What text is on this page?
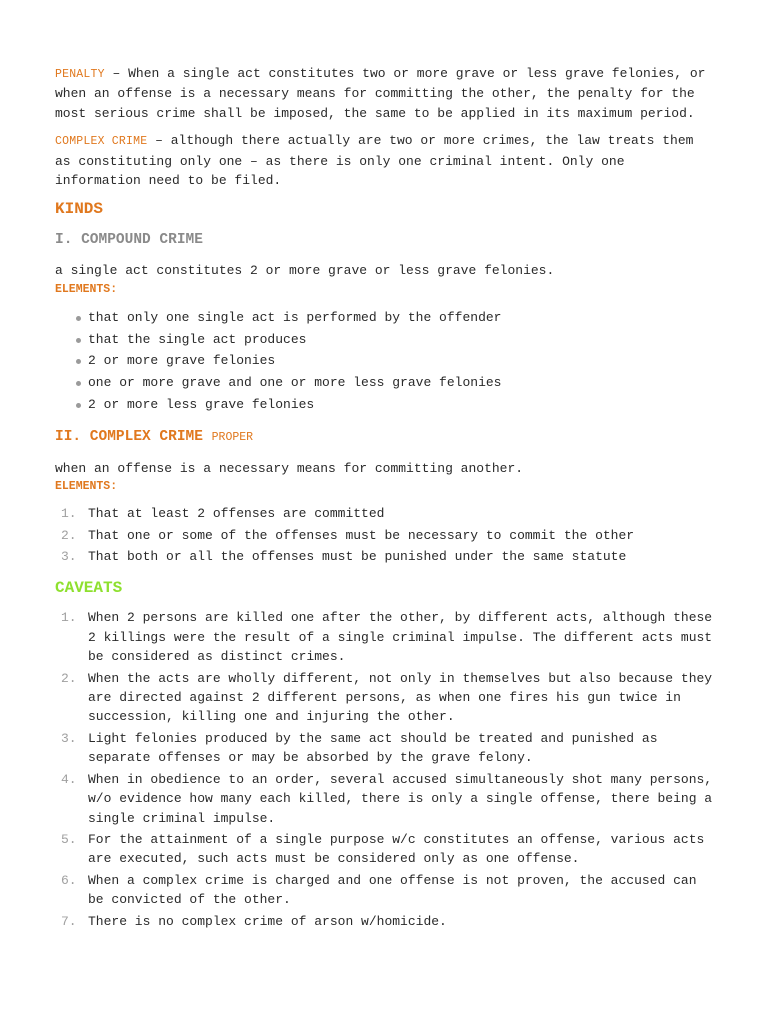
PENALTY – When a single act constitutes two or more grave or less grave felonies, or when an offense is a necessary means for committing the other, the penalty for the most serious crime shall be imposed, the same to be applied in its maximum period.

COMPLEX CRIME – although there actually are two or more crimes, the law treats them as constituting only one – as there is only one criminal intent. Only one information need to be filed.

KINDS
I. COMPOUND CRIME

a single act constitutes 2 or more grave or less grave felonies.

ELEMENTS:
that only one single act is performed by the offender
that the single act produces
2 or more grave felonies
one or more grave and one or more less grave felonies
2 or more less grave felonies
II. COMPLEX CRIME PROPER

when an offense is a necessary means for committing another.

ELEMENTS:
1. That at least 2 offenses are committed
2. That one or some of the offenses must be necessary to commit the other
3. That both or all the offenses must be punished under the same statute
CAVEATS
1. When 2 persons are killed one after the other, by different acts, although these 2 killings were the result of a single criminal impulse. The different acts must be considered as distinct crimes.
2. When the acts are wholly different, not only in themselves but also because they are directed against 2 different persons, as when one fires his gun twice in succession, killing one and injuring the other.
3. Light felonies produced by the same act should be treated and punished as separate offenses or may be absorbed by the grave felony.
4. When in obedience to an order, several accused simultaneously shot many persons, w/o evidence how many each killed, there is only a single offense, there being a single criminal impulse.
5. For the attainment of a single purpose w/c constitutes an offense, various acts are executed, such acts must be considered only as one offense.
6. When a complex crime is charged and one offense is not proven, the accused can be convicted of the other.
7. There is no complex crime of arson w/homicide.
